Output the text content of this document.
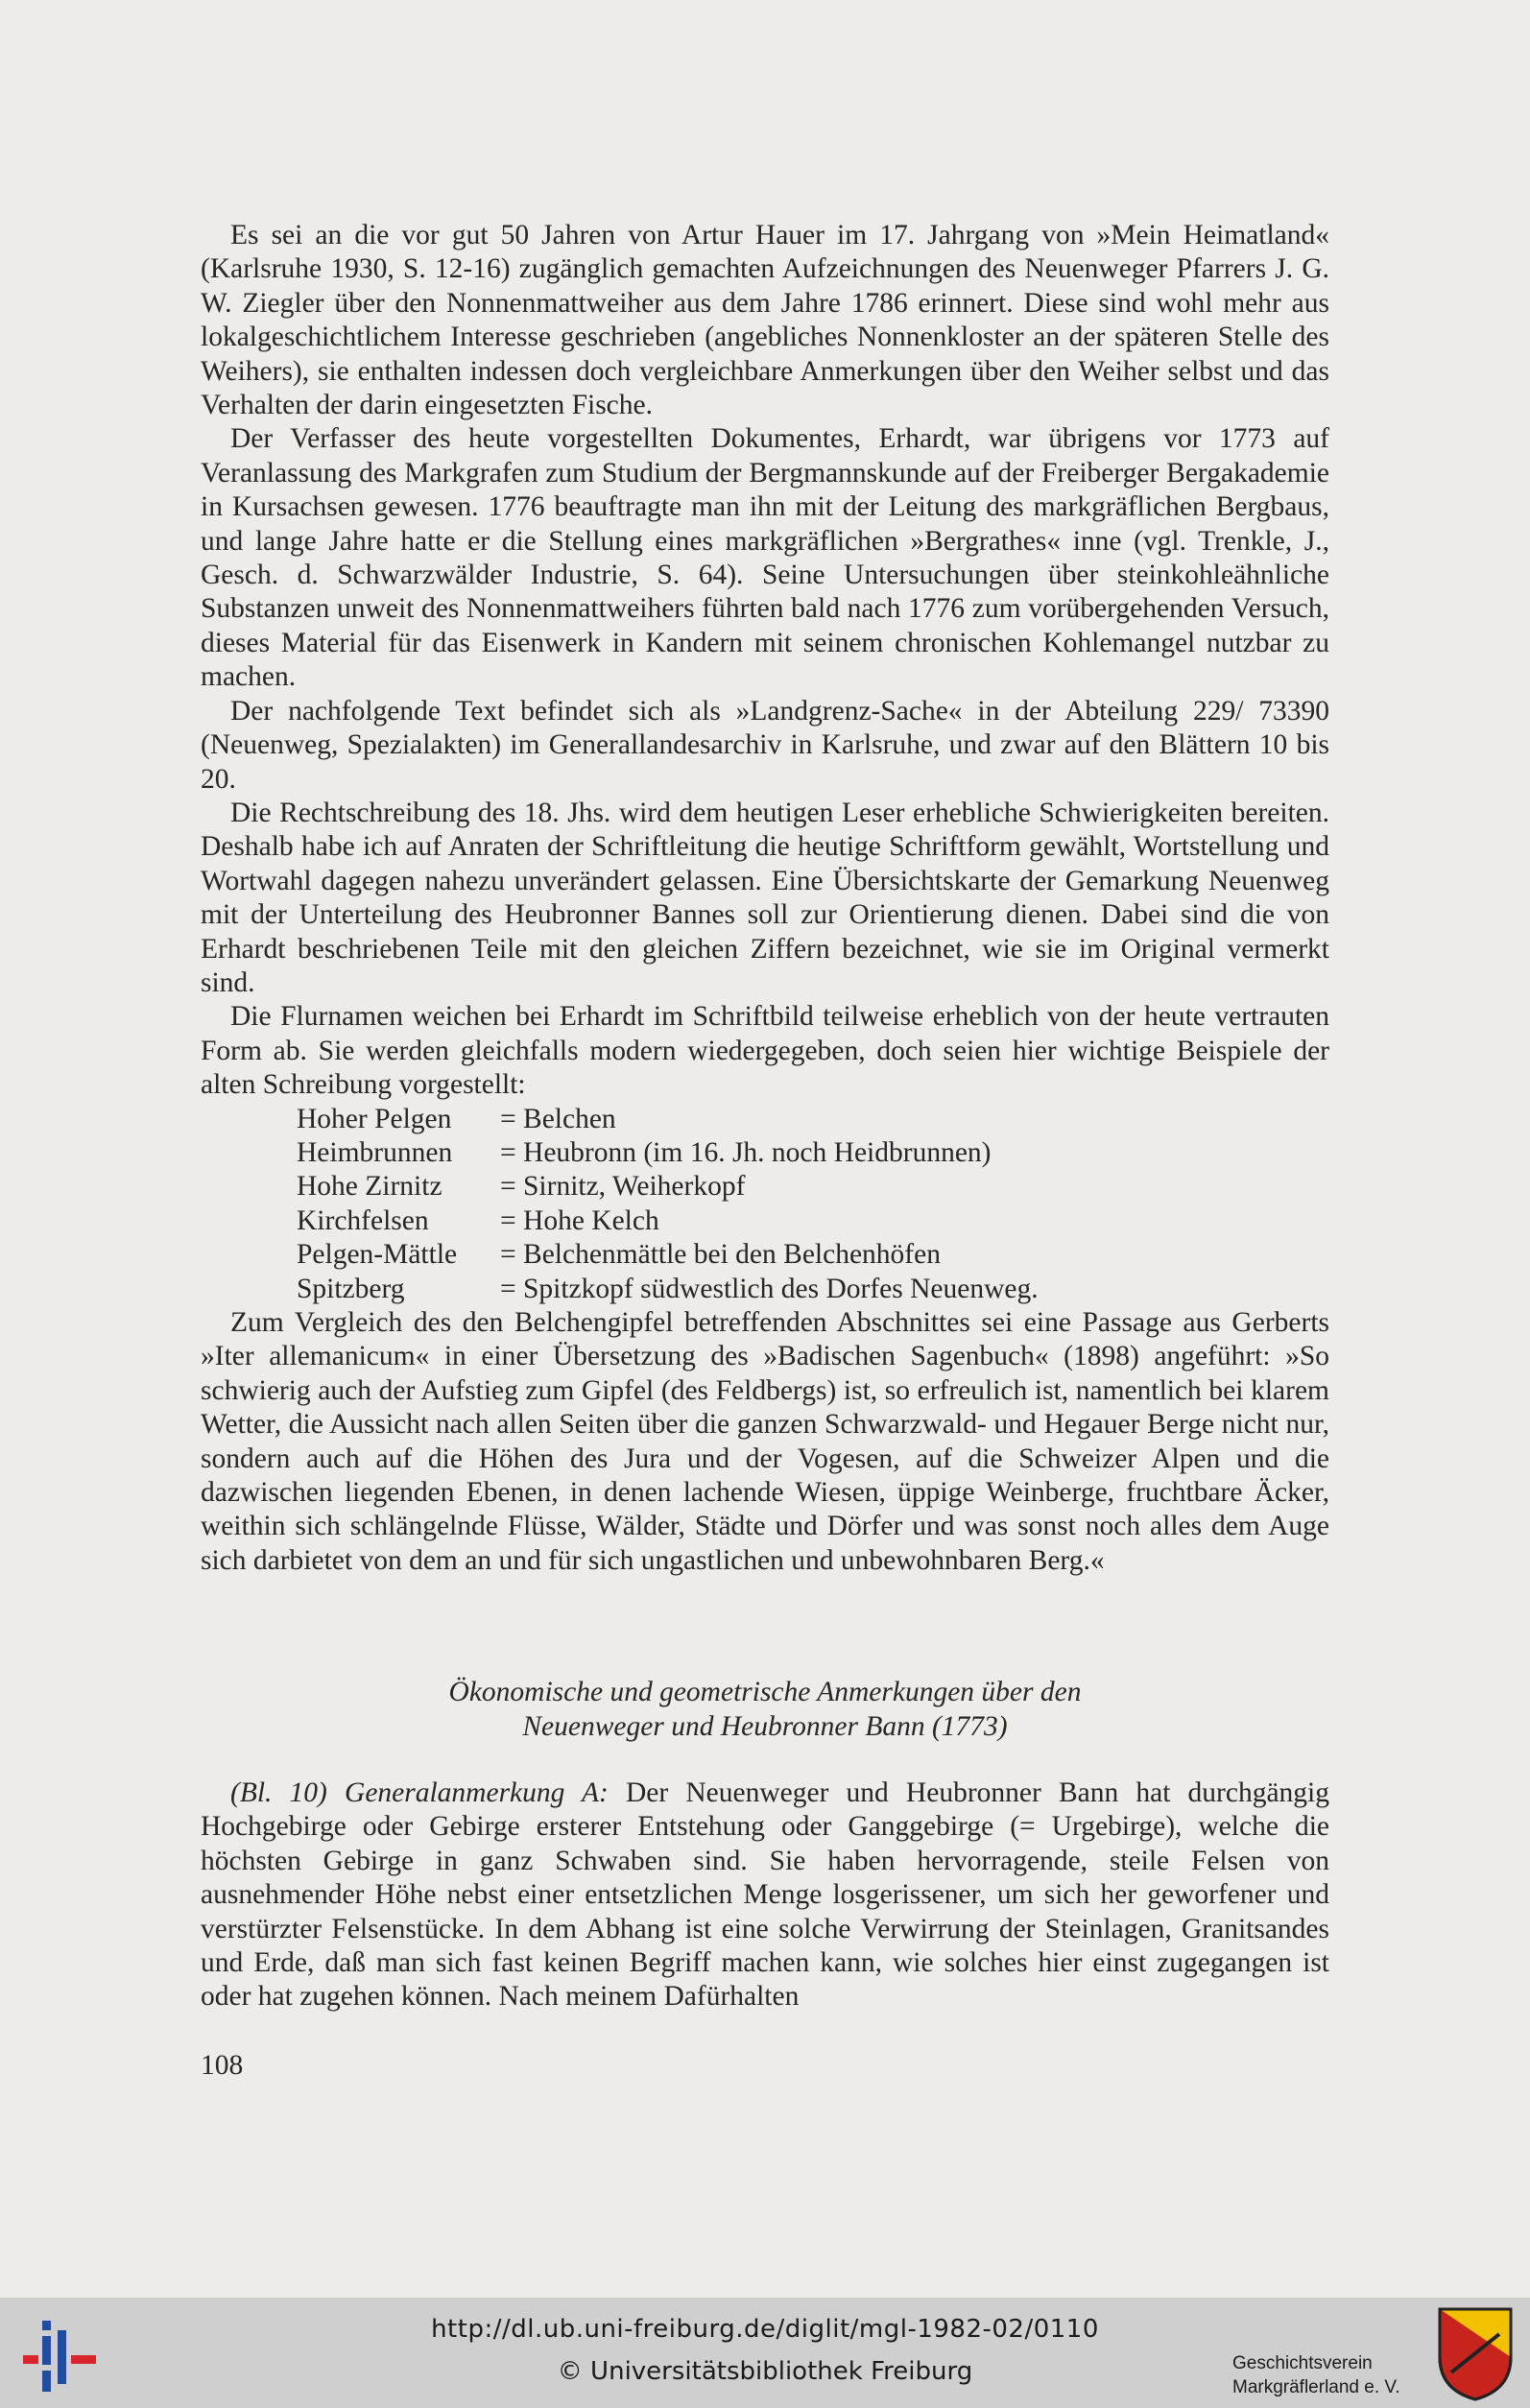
Es sei an die vor gut 50 Jahren von Artur Hauer im 17. Jahrgang von »Mein Heimatland« (Karlsruhe 1930, S. 12-16) zugänglich gemachten Aufzeichnungen des Neuenweger Pfarrers J. G. W. Ziegler über den Nonnenmattweiher aus dem Jahre 1786 erinnert. Diese sind wohl mehr aus lokalgeschichtlichem Interesse geschrieben (angebliches Nonnenkloster an der späteren Stelle des Weihers), sie enthalten indessen doch vergleichbare Anmerkungen über den Weiher selbst und das Verhalten der darin eingesetzten Fische.

Der Verfasser des heute vorgestellten Dokumentes, Erhardt, war übrigens vor 1773 auf Veranlassung des Markgrafen zum Studium der Bergmannskunde auf der Freiberger Bergakademie in Kursachsen gewesen. 1776 beauftragte man ihn mit der Leitung des markgräflichen Bergbaus, und lange Jahre hatte er die Stellung eines markgräflichen »Bergrathes« inne (vgl. Trenkle, J., Gesch. d. Schwarzwälder Industrie, S. 64). Seine Untersuchungen über steinkohleähnliche Substanzen unweit des Nonnenmattweihers führten bald nach 1776 zum vorübergehenden Versuch, dieses Material für das Eisenwerk in Kandern mit seinem chronischen Kohlemangel nutzbar zu machen.

Der nachfolgende Text befindet sich als »Landgrenz-Sache« in der Abteilung 229/ 73390 (Neuenweg, Spezialakten) im Generallandesarchiv in Karlsruhe, und zwar auf den Blättern 10 bis 20.

Die Rechtschreibung des 18. Jhs. wird dem heutigen Leser erhebliche Schwierigkeiten bereiten. Deshalb habe ich auf Anraten der Schriftleitung die heutige Schriftform gewählt, Wortstellung und Wortwahl dagegen nahezu unverändert gelassen. Eine Übersichtskarte der Gemarkung Neuenweg mit der Unterteilung des Heubronner Bannes soll zur Orientierung dienen. Dabei sind die von Erhardt beschriebenen Teile mit den gleichen Ziffern bezeichnet, wie sie im Original vermerkt sind.

Die Flurnamen weichen bei Erhardt im Schriftbild teilweise erheblich von der heute vertrauten Form ab. Sie werden gleichfalls modern wiedergegeben, doch seien hier wichtige Beispiele der alten Schreibung vorgestellt:

Hoher Pelgen	= Belchen
Heimbrunnen	= Heubronn (im 16. Jh. noch Heidbrunnen)
Hohe Zirnitz	= Sirnitz, Weiherkopf
Kirchfelsen	= Hohe Kelch
Pelgen-Mättle	= Belchenmättle bei den Belchenhöfen
Spitzberg	= Spitzkopf südwestlich des Dorfes Neuenweg.

Zum Vergleich des den Belchengipfel betreffenden Abschnittes sei eine Passage aus Gerberts »Iter allemanicum« in einer Übersetzung des »Badischen Sagenbuch« (1898) angeführt: »So schwierig auch der Aufstieg zum Gipfel (des Feldbergs) ist, so erfreulich ist, namentlich bei klarem Wetter, die Aussicht nach allen Seiten über die ganzen Schwarzwald- und Hegauer Berge nicht nur, sondern auch auf die Höhen des Jura und der Vogesen, auf die Schweizer Alpen und die dazwischen liegenden Ebenen, in denen lachende Wiesen, üppige Weinberge, fruchtbare Äcker, weithin sich schlängelnde Flüsse, Wälder, Städte und Dörfer und was sonst noch alles dem Auge sich darbietet von dem an und für sich ungastlichen und unbewohnbaren Berg.«

Ökonomische und geometrische Anmerkungen über den
Neuenweger und Heubronner Bann (1773)

(Bl. 10) Generalanmerkung A: Der Neuenweger und Heubronner Bann hat durchgängig Hochgebirge oder Gebirge ersterer Entstehung oder Ganggebirge (= Urgebirge), welche die höchsten Gebirge in ganz Schwaben sind. Sie haben hervorragende, steile Felsen von ausnehmender Höhe nebst einer entsetzlichen Menge losgerissener, um sich her geworfener und verstürzter Felsenstücke. In dem Abhang ist eine solche Verwirrung der Steinlagen, Granitsandes und Erde, daß man sich fast keinen Begriff machen kann, wie solches hier einst zugegangen ist oder hat zugehen können. Nach meinem Dafürhalten

108
http://dl.ub.uni-freiburg.de/diglit/mgl-1982-02/0110
© Universitätsbibliothek Freiburg	Geschichtsverein
Markgräflerland e. V.
